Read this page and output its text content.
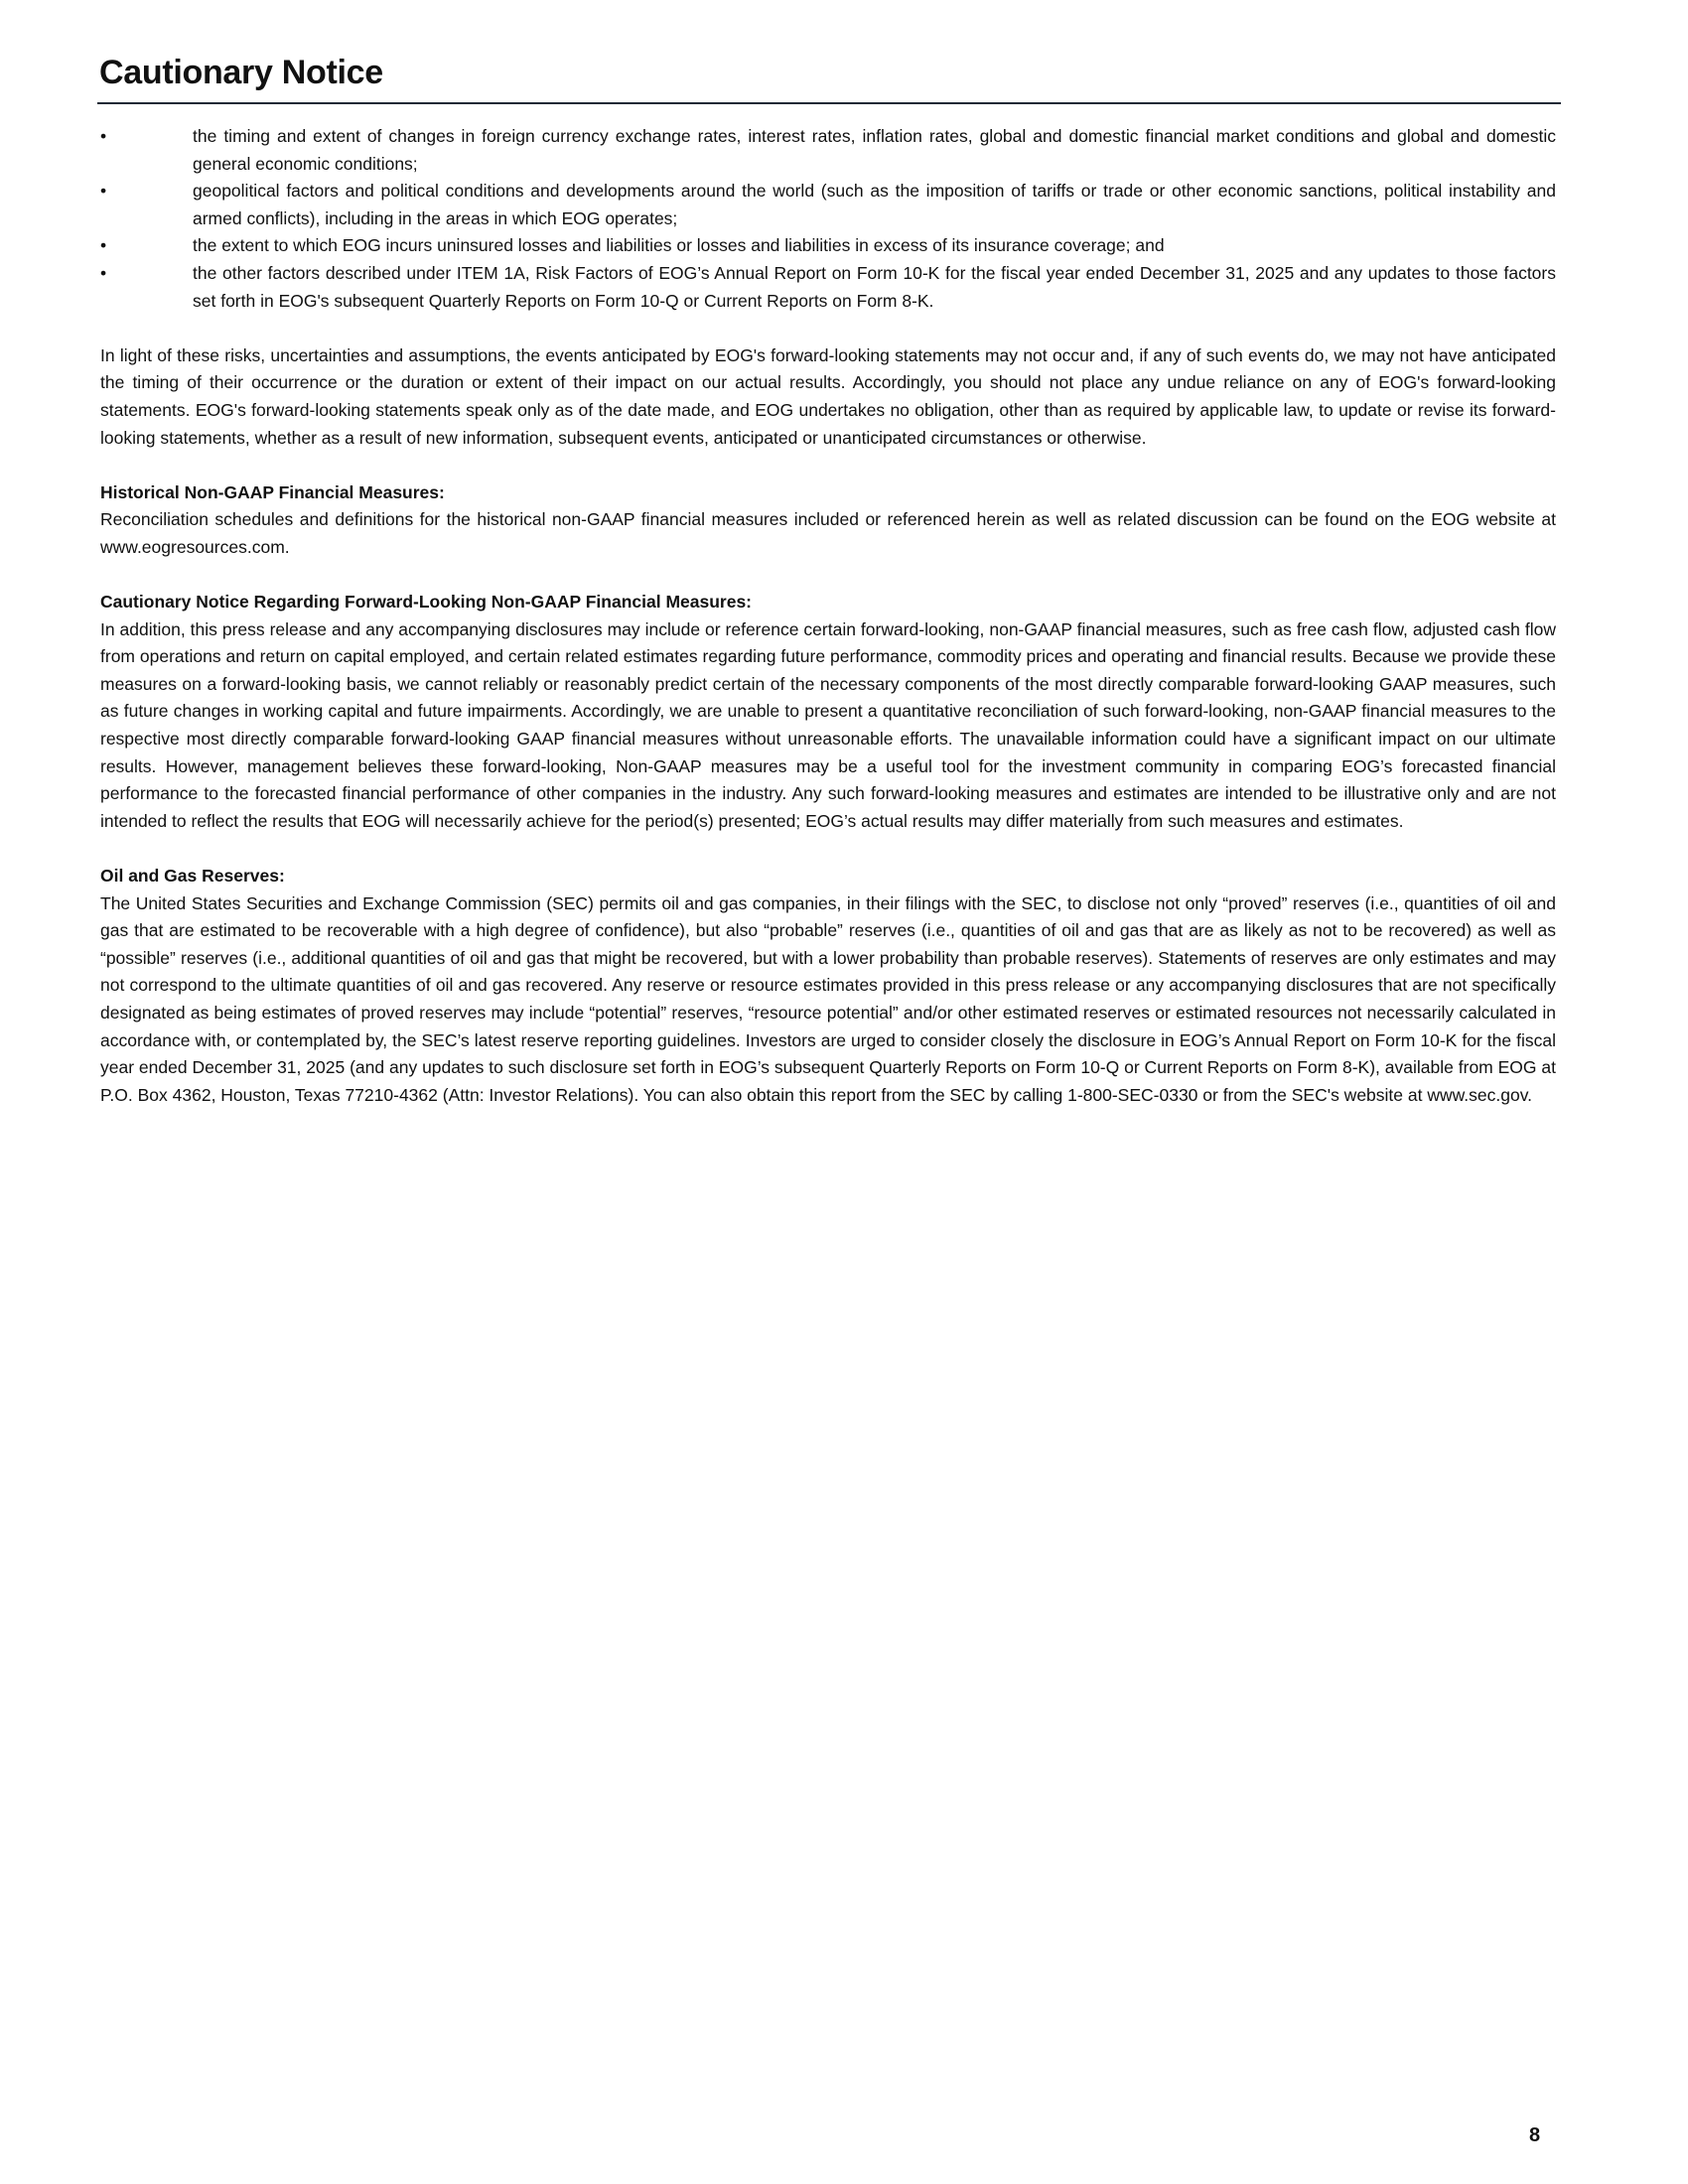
Cautionary Notice
•	the timing and extent of changes in foreign currency exchange rates, interest rates, inflation rates, global and domestic financial market conditions and global and domestic general economic conditions;
•	geopolitical factors and political conditions and developments around the world (such as the imposition of tariffs or trade or other economic sanctions, political instability and armed conflicts), including in the areas in which EOG operates;
•	the extent to which EOG incurs uninsured losses and liabilities or losses and liabilities in excess of its insurance coverage; and
•	the other factors described under ITEM 1A, Risk Factors of EOG’s Annual Report on Form 10-K for the fiscal year ended December 31, 2025 and any updates to those factors set forth in EOG's subsequent Quarterly Reports on Form 10-Q or Current Reports on Form 8-K.

In light of these risks, uncertainties and assumptions, the events anticipated by EOG's forward-looking statements may not occur and, if any of such events do, we may not have anticipated the timing of their occurrence or the duration or extent of their impact on our actual results. Accordingly, you should not place any undue reliance on any of EOG's forward-looking statements. EOG's forward-looking statements speak only as of the date made, and EOG undertakes no obligation, other than as required by applicable law, to update or revise its forward-looking statements, whether as a result of new information, subsequent events, anticipated or unanticipated circumstances or otherwise.

Historical Non-GAAP Financial Measures:

Reconciliation schedules and definitions for the historical non-GAAP financial measures included or referenced herein as well as related discussion can be found on the EOG website at www.eogresources.com.

Cautionary Notice Regarding Forward-Looking Non-GAAP Financial Measures:

In addition, this press release and any accompanying disclosures may include or reference certain forward-looking, non-GAAP financial measures, such as free cash flow, adjusted cash flow from operations and return on capital employed, and certain related estimates regarding future performance, commodity prices and operating and financial results. Because we provide these measures on a forward-looking basis, we cannot reliably or reasonably predict certain of the necessary components of the most directly comparable forward-looking GAAP measures, such as future changes in working capital and future impairments. Accordingly, we are unable to present a quantitative reconciliation of such forward-looking, non-GAAP financial measures to the respective most directly comparable forward-looking GAAP financial measures without unreasonable efforts. The unavailable information could have a significant impact on our ultimate results. However, management believes these forward-looking, Non-GAAP measures may be a useful tool for the investment community in comparing EOG’s forecasted financial performance to the forecasted financial performance of other companies in the industry. Any such forward-looking measures and estimates are intended to be illustrative only and are not intended to reflect the results that EOG will necessarily achieve for the period(s) presented; EOG’s actual results may differ materially from such measures and estimates.

Oil and Gas Reserves:

The United States Securities and Exchange Commission (SEC) permits oil and gas companies, in their filings with the SEC, to disclose not only “proved” reserves (i.e., quantities of oil and gas that are estimated to be recoverable with a high degree of confidence), but also “probable” reserves (i.e., quantities of oil and gas that are as likely as not to be recovered) as well as “possible” reserves (i.e., additional quantities of oil and gas that might be recovered, but with a lower probability than probable reserves). Statements of reserves are only estimates and may not correspond to the ultimate quantities of oil and gas recovered. Any reserve or resource estimates provided in this press release or any accompanying disclosures that are not specifically designated as being estimates of proved reserves may include “potential” reserves, “resource potential” and/or other estimated reserves or estimated resources not necessarily calculated in accordance with, or contemplated by, the SEC’s latest reserve reporting guidelines. Investors are urged to consider closely the disclosure in EOG’s Annual Report on Form 10-K for the fiscal year ended December 31, 2025 (and any updates to such disclosure set forth in EOG’s subsequent Quarterly Reports on Form 10-Q or Current Reports on Form 8-K), available from EOG at P.O. Box 4362, Houston, Texas 77210-4362 (Attn: Investor Relations). You can also obtain this report from the SEC by calling 1-800-SEC-0330 or from the SEC's website at www.sec.gov.

8
